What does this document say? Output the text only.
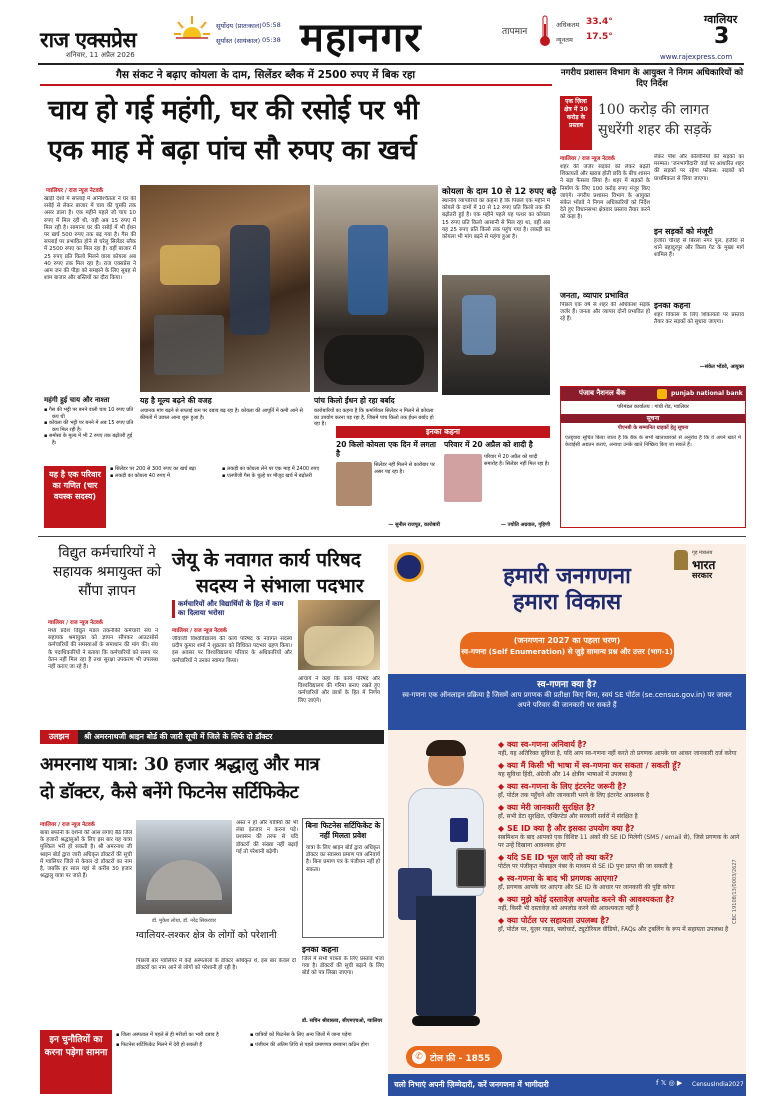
राज एक्सप्रेस
शनिवार, 11 अप्रैल 2026
सूर्योदय (प्रातःकाल) 05:58
सूर्यास्त (सायंकाल) 05:38 महानगर	तापमान
अधिकतम 33.4°
न्यूनतम 17.5°
ग्वालियर
3
www.rajexpress.com
गैस संकट ने बढ़ाए कोयला के दाम, सिलेंडर ब्लैक में 2500 रुपए में बिक रहा
चाय हो गई महंगी, घर की रसोई पर भी
एक माह में बढ़ा पांच सौ रुपए का खर्च
ग्वालियर / राज न्यूज नेटवर्क
खाड़ी देशों में सप्लाई में अनिश्चितता ने घर की रसोई से लेकर बाजार में चाय की चुस्की तक असर डाला है। एक महीने पहले जो चाय 10 रुपए में मिल रही थी, वही अब 15 रुपए में मिल रही है। सामान्य घर की रसोई में भी ईंधन पर खर्च 500 रुपए तक बढ़ गया है। गैस की सप्लाई पर प्रभावित होने से घरेलू सिलेंडर ब्लैक में 2500 रुपए का मिल रहा है। वहीं बाजार में 25 रुपए प्रति किलो मिलने वाला कोयला अब 40 रुपए तक मिल रहा है। राज एक्सप्रेस ने आम जन की पीड़ा को समझने के लिए सुबह से शाम बाजार और बस्तियों का दौरा किया।
कोयला के दाम 10 से 12 रुपए बढ़े
स्थानीय व्यापारियों का कहना है कि पिछले एक महीने में कोयले के दामों में 10 से 12 रुपए प्रति किलो तक की बढ़ोतरी हुई है। एक महीने पहले यह पत्थर का कोयला 15 रुपए प्रति किलो आसानी से मिल रहा था, वहीं अब यह 25 रुपए प्रति किलो तक पहुंच गया है। लकड़ी का कोयला भी मांग बढ़ने से महंगा हुआ है।
महंगी हुई चाय और नाश्ता
▪ गैस की भट्टी पर बनने वाली चाय 10 रुपए प्रति कप थी
▪ कोयला की भट्टी पर बनने में अब 15 रुपए प्रति कप मिल रही है।
▪ समोसा के मूल्य में भी 2 रुपए तक बढ़ोतरी हुई है।
यह है मूल्य बढ़ने की वजह
अचानक मांग बढ़ने से सप्लाई कम पर दबाव बढ़ रहा है। कोयला की आपूर्ति में कमी आने से कीमतों में उछाल आना शुरू हुआ है।
पांच किलो ईंधन हो रहा बर्बाद
कारोबारियों का कहना है कि कमर्शियल सिलेंडर न मिलने से कोयला का उपयोग करना पड़ रहा है, जिसमें पांच किलो तक ईंधन बर्बाद हो रहा है।
यह है एक परिवार का गणित (चार वयस्क सदस्य)
▪ सिलेंडर पर 200 से 300 रुपए का खर्च बढ़ा
▪ लकड़ी का कोयला 40 रुपए में
▪ लकड़ी का कोयला लेने पर एक माह में 2400 रुपए
▪ एलपीजी गैस के चूल्हे पर मौजूद खर्च में बढ़ोतरी
इनका कहना
20 किलो कोयला एक दिन में लगता है
सिलेंडर नहीं मिलने से कारोबार पर असर पड़ रहा है।
— सुनील राजपूत, कारोबारी
परिवार में 20 अप्रैल को शादी है
परिवार में 20 अप्रैल को शादी समारोह है। सिलेंडर नहीं मिल रहा है।
— ज्योति अग्रवाल, गृहिणी
नगरीय प्रशासन विभाग के आयुक्त ने निगम अधिकारियों को दिए निर्देश
एक ज़िला क्षेत्र में 30 करोड़ के प्रस्ताव
100 करोड़ की लागत
सुधरेंगी शहर की सड़कें
ग्वालियर / राज न्यूज नेटवर्क
शहर की जर्जर सड़कों को लेकर बढ़ती शिकायतों और खराब होती छवि के बीच शासन ने बड़ा फैसला लिया है। शहर में सड़कों के निर्माण के लिए 100 करोड़ रुपए मंजूर किए जाएंगे। नगरीय प्रशासन विभाग के आयुक्त संकेत भोंडवे ने निगम अधिकारियों को निर्देश देते हुए विधानसभा क्षेत्रवार प्रस्ताव तैयार करने को कहा है।
लेकर पॉश और कॉलोनियों की सड़कों का मरम्मत। 'जनभागीदारी' वार्ड पर आधारित शहर की सड़कों पर रहेगा फोकस: सड़कों को प्राथमिकता से लिया जाएगा।
इन सड़कों को मंजूरी
हजीरा चौराहे से बिरला नगर पुल, हजीरा से थाने बहादुरपुर और किला गेट के मुख्य मार्ग शामिल हैं।
जनता, व्यापार प्रभावित
पिछले एक वर्ष से शहर की अधिकांश सड़कें जर्जर हैं। जनता और व्यापार दोनों प्रभावित हो रहे हैं।
इनका कहना
शहर विकास के लिए शिकायतों पर प्रस्ताव तैयार कर सड़कों को सुधारा जाएगा।
—संकेत भोंडवे, आयुक्त
पंजाब नैशनल बैंक	punjab national bank
परिमंडल कार्यालय : गांधी रोड, ग्वालियर
सूचना
पीएनबी के सम्मानित ग्राहकों हेतु सूचना
एतद्द्वारा सूचित किया जाता है कि बैंक के सभी खाताधारकों से अनुरोध है कि वे अपने खाते में केवाईसी अद्यतन कराएं, अन्यथा उनके खाते निष्क्रिय किए जा सकते हैं।
विद्युत कर्मचारियों ने सहायक श्रमायुक्त को सौंपा ज्ञापन
ग्वालियर / राज न्यूज नेटवर्क
मध्य प्रदेश विद्युत मंडल तकनीकी कर्मचारी संघ ने सहायक श्रमायुक्त को ज्ञापन सौंपकर आउटसोर्स कर्मचारियों की समस्याओं के समाधान की मांग की। संघ के पदाधिकारियों ने बताया कि कर्मचारियों को समय पर वेतन नहीं मिल रहा है तथा सुरक्षा उपकरण भी उपलब्ध नहीं कराए जा रहे हैं।
जेयू के नवागत कार्य परिषद
सदस्य ने संभाला पदभार
कर्मचारियों और विद्यार्थियों के हित में काम का दिलाया भरोसा
ग्वालियर / राज न्यूज नेटवर्क
जीवाजी विश्वविद्यालय की कार्य परिषद के नवागत सदस्य प्रदीप कुमार शर्मा ने शुक्रवार को विधिवत पदभार ग्रहण किया। इस अवसर पर विश्वविद्यालय परिवार के अधिकारियों और कर्मचारियों ने उनका स्वागत किया।
आचार्य ने कहा कि कार्य परिषद और विश्वविद्यालय की गरिमा बनाए रखते हुए कर्मचारियों और छात्रों के हित में निर्णय लिए जाएंगे।
गृह मंत्रालय
भारत
सरकार
हमारी जनगणना
हमारा विकास
(जनगणना 2027 का पहला चरण)
स्व-गणना (Self Enumeration) से जुड़े सामान्य प्रश्न और उत्तर (भाग-1)
स्व-गणना क्या है?
स्व-गणना एक ऑनलाइन प्रक्रिया है जिसमें आप प्रगणक की प्रतीक्षा किए बिना, स्वयं SE पोर्टल (se.census.gov.in) पर जाकर अपने परिवार की जानकारी भर सकते हैं
◆ क्या स्व-गणना अनिवार्य है?
नहीं, यह अतिरिक्त सुविधा है, यदि आप स्व-गणना नहीं करते तो प्रगणक आपके घर आकर जानकारी दर्ज करेगा
◆ क्या मैं किसी भी भाषा में स्व-गणना कर सकता / सकती हूँ?
यह सुविधा हिंदी, अंग्रेजी और 14 क्षेत्रीय भाषाओं में उपलब्ध है
◆ क्या स्व-गणना के लिए इंटरनेट जरूरी है?
हाँ, पोर्टल तक पहुँचने और जानकारी भरने के लिए इंटरनेट आवश्यक है
◆ क्या मेरी जानकारी सुरक्षित है?
हाँ, सभी डेटा सुरक्षित, एन्क्रिप्टेड और सरकारी सर्वरों में संरक्षित है
◆ SE ID क्या है और इसका उपयोग क्या है?
सबमिशन के बाद आपको एक विशिष्ट 11 अंकों की SE ID मिलेगी (SMS / email से), जिसे प्रगणक के आने पर उन्हें दिखाना आवश्यक होगा
◆ यदि SE ID भूल जाएँ तो क्या करें?
पोर्टल पर पंजीकृत मोबाइल नंबर के माध्यम से SE ID पुनः प्राप्त की जा सकती है
◆ स्व-गणना के बाद भी प्रगणक आएगा?
हाँ, प्रगणक आपके घर आएगा और SE ID के आधार पर जानकारी की पुष्टि करेगा
◆ क्या मुझे कोई दस्तावेज़ अपलोड करने की आवश्यकता है?
नहीं, किसी भी दस्तावेज़ को अपलोड करने की आवश्यकता नहीं है
◆ क्या पोर्टल पर सहायता उपलब्ध है?
हाँ, पोर्टल पर, यूज़र गाइड, फ्लोचार्ट, ट्यूटोरियल वीडियो, FAQs और ट्रबलिंग के रूप में सहायता उपलब्ध है
✆ टोल फ्री - 1855
CBC 19108/13/0003/2627
चलो निभाएं अपनी ज़िम्मेदारी, करें जनगणना में भागीदारी	f 𝕏 ◎ ▶ CensusIndia2027
उलझन	श्री अमरनाथजी श्राइन बोर्ड की जारी सूची में जिले के सिर्फ दो डॉक्टर
अमरनाथ यात्रा: 30 हजार श्रद्धालु और मात्र
दो डॉक्टर, कैसे बनेंगे फिटनेस सर्टिफिकेट
ग्वालियर / राज न्यूज नेटवर्क
बाबा बर्फानी के दर्शनों की आस लगाए बैठे जिले के हजारों श्रद्धालुओं के लिए इस बार यह यात्रा मुश्किल भरी हो सकती है। श्री अमरनाथ जी श्राइन बोर्ड द्वारा जारी अधिकृत डॉक्टरों की सूची में ग्वालियर जिले से केवल दो डॉक्टरों का नाम है, जबकि हर साल यहां से करीब 30 हजार श्रद्धालु यात्रा पर जाते हैं।
डॉ. मुकेश लोधा, डॉ. नरेंद्र सिकरवार
अस्त न हो और यात्रियों की भी लंबा इंतजार न करना पड़े। प्रशासन की तरफ से यदि डॉक्टरों की संख्या नहीं बढ़ाई गई तो परेशानी बढ़ेगी।
बिना फिटनेस सर्टिफिकेट के नहीं मिलता प्रवेश
यात्रा के लिए श्राइन बोर्ड द्वारा अधिकृत डॉक्टर का स्वास्थ्य प्रमाण पत्र अनिवार्य है। बिना प्रमाण पत्र के पंजीयन नहीं हो सकता।
ग्वालियर-लश्कर क्षेत्र के लोगों को परेशानी
पिछली बार ग्वालियर में कई अस्पतालों के डॉक्टर अधिकृत थे, इस बार केवल दो डॉक्टरों का नाम आने से लोगों को परेशानी हो रही है।
इनका कहना
जिले में सभी पात्रता के लिए प्रस्ताव भेजा गया है। डॉक्टरों की सूची बढ़ाने के लिए बोर्ड को पत्र लिखा जाएगा।
डॉ. सचिन श्रीवास्तव, सीएमएचओ, ग्वालियर
इन चुनौतियों का करना पड़ेगा सामना
▪ जिला अस्पताल में पहले से ही मरीजों का भारी दबाव है
▪ फिटनेस सर्टिफिकेट मिलने में देरी हो सकती है
▪ यात्रियों को फिटनेस के लिए अन्य जिलों में जाना पड़ेगा
▪ पंजीयन की अंतिम तिथि से पहले प्रमाणपत्र बनवाना कठिन होगा
